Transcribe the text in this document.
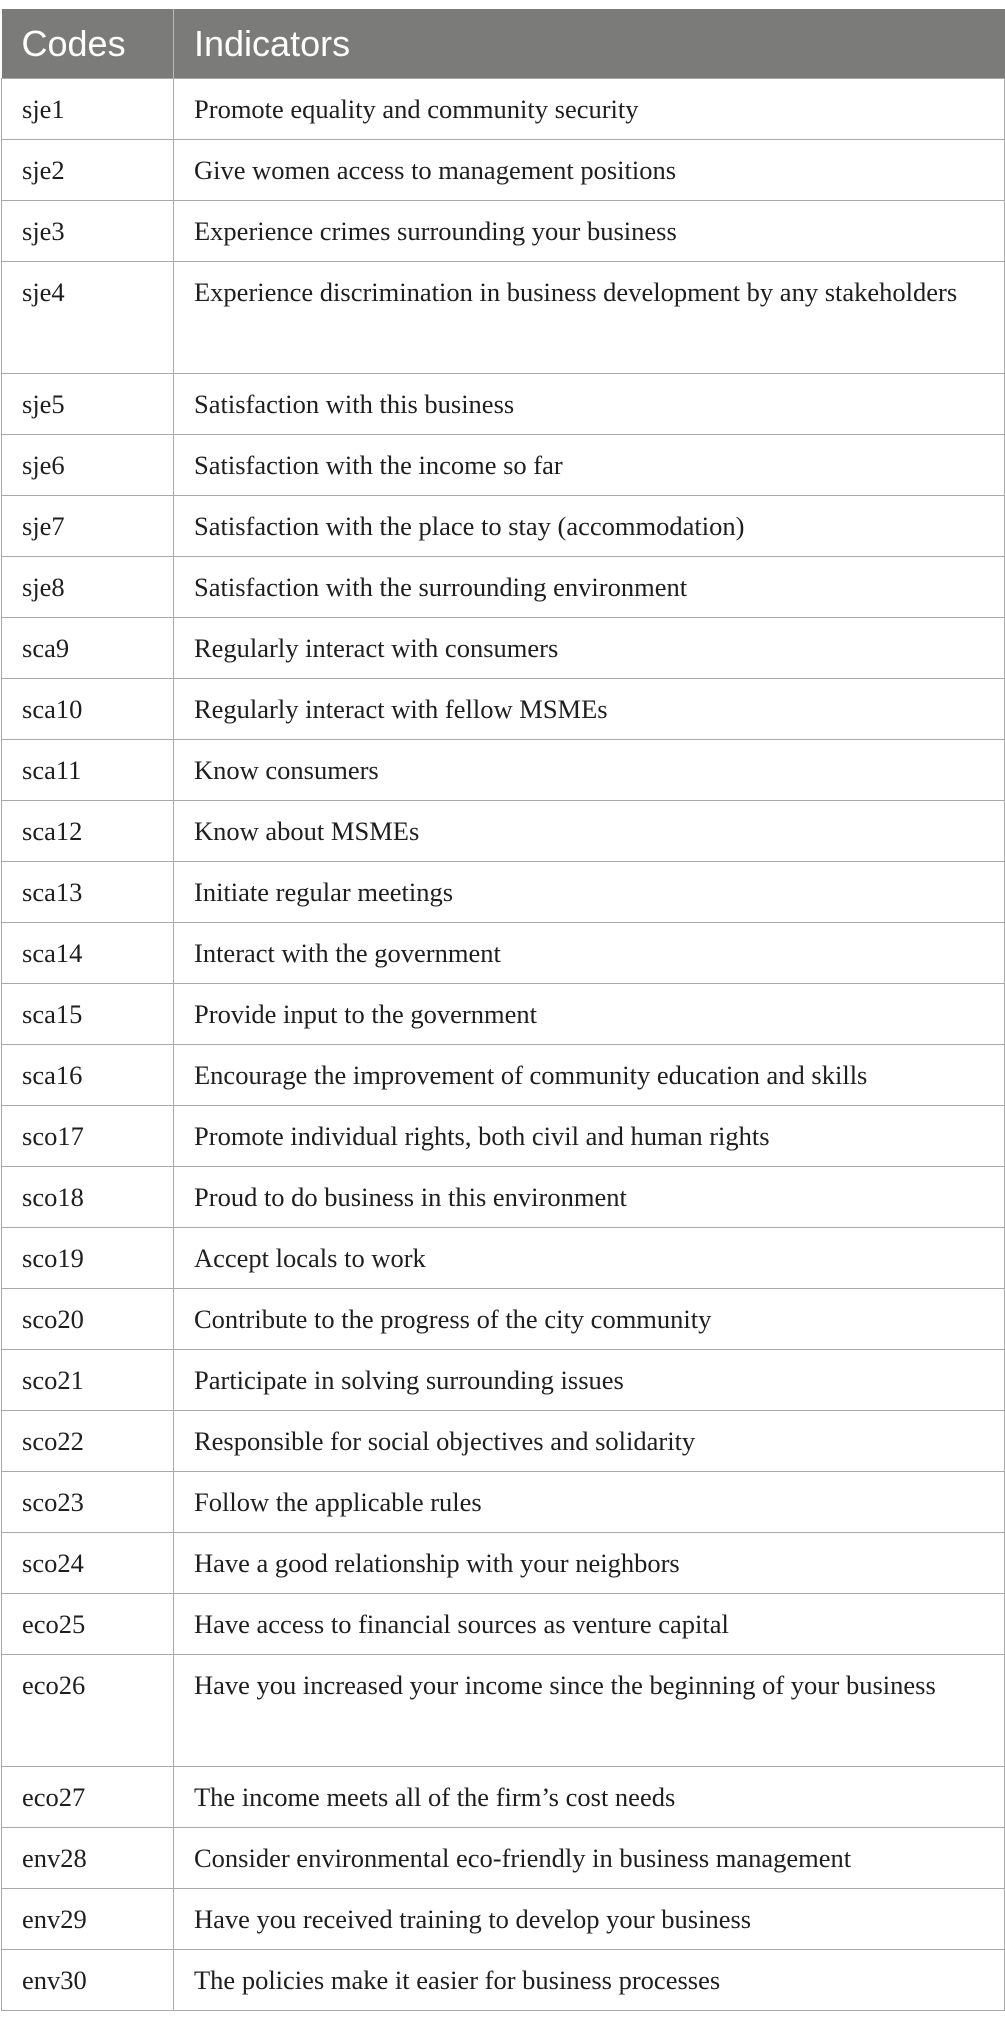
Codes	Indicators
sje1	Promote equality and community security
sje2	Give women access to management positions
sje3	Experience crimes surrounding your business
sje4	Experience discrimination in business development by any stakeholders
sje5	Satisfaction with this business
sje6	Satisfaction with the income so far
sje7	Satisfaction with the place to stay (accommodation)
sje8	Satisfaction with the surrounding environment
sca9	Regularly interact with consumers
sca10	Regularly interact with fellow MSMEs
sca11	Know consumers
sca12	Know about MSMEs
sca13	Initiate regular meetings
sca14	Interact with the government
sca15	Provide input to the government
sca16	Encourage the improvement of community education and skills
sco17	Promote individual rights, both civil and human rights
sco18	Proud to do business in this environment
sco19	Accept locals to work
sco20	Contribute to the progress of the city community
sco21	Participate in solving surrounding issues
sco22	Responsible for social objectives and solidarity
sco23	Follow the applicable rules
sco24	Have a good relationship with your neighbors
eco25	Have access to financial sources as venture capital
eco26	Have you increased your income since the beginning of your business
eco27	The income meets all of the firm’s cost needs
env28	Consider environmental eco-friendly in business management
env29	Have you received training to develop your business
env30	The policies make it easier for business processes
